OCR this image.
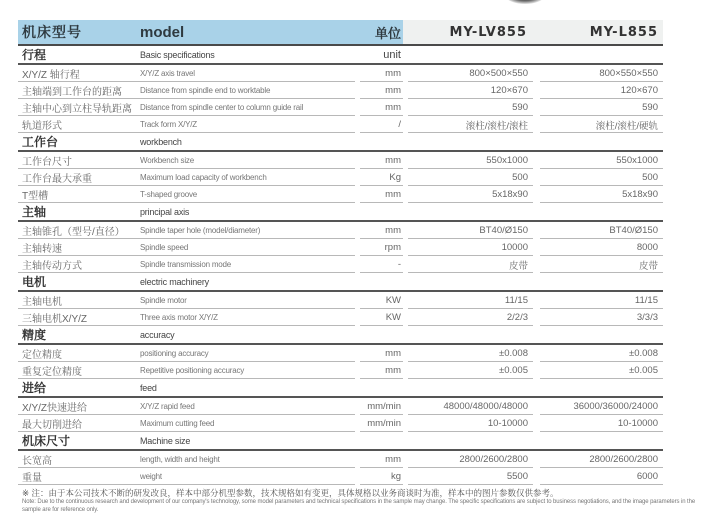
机床型号	model	单位	MY-LV855	MY-L855
行程	Basic specifications	unit
X/Y/Z 轴行程	X/Y/Z axis travel	mm	800×500×550	800×550×550
主轴端到工作台的距离	Distance from spindle end to worktable	mm	120×670	120×670
主轴中心到立柱导轨距离	Distance from spindle center to column guide rail	mm	590	590
轨道形式	Track form X/Y/Z	/	滚柱/滚柱/滚柱	滚柱/滚柱/硬轨
工作台	workbench
工作台尺寸	Workbench size	mm	550x1000	550x1000
工作台最大承重	Maximum load capacity of workbench	Kg	500	500
T型槽	T-shaped groove	mm	5x18x90	5x18x90
主轴	principal axis
主轴锥孔（型号/直径）	Spindle taper hole (model/diameter)	mm	BT40/Ø150	BT40/Ø150
主轴转速	Spindle speed	rpm	10000	8000
主轴传动方式	Spindle transmission mode	-	皮带	皮带
电机	electric machinery
主轴电机	Spindle motor	KW	11/15	11/15
三轴电机X/Y/Z	Three axis motor X/Y/Z	KW	2/2/3	3/3/3
精度	accuracy
定位精度	positioning accuracy	mm	±0.008	±0.008
重复定位精度	Repetitive positioning accuracy	mm	±0.005	±0.005
进给	feed
X/Y/Z快速进给	X/Y/Z rapid feed	mm/min	48000/48000/48000	36000/36000/24000
最大切削进给	Maximum cutting feed	mm/min	10-10000	10-10000
机床尺寸	Machine size
长宽高	length, width and height	mm	2800/2600/2800	2800/2600/2800
重量	weight	kg	5500	6000
※ 注：由于本公司技术不断的研发改良，样本中部分机型参数，技术规格如有变更，具体规格以业务商谈时为准，样本中的图片参数仅供参考。
Note: Due to the continuous research and development of our company's technology, some model parameters and technical specifications in the sample may change. The specific specifications are subject to business negotiations, and the image parameters in the sample are for reference only.
